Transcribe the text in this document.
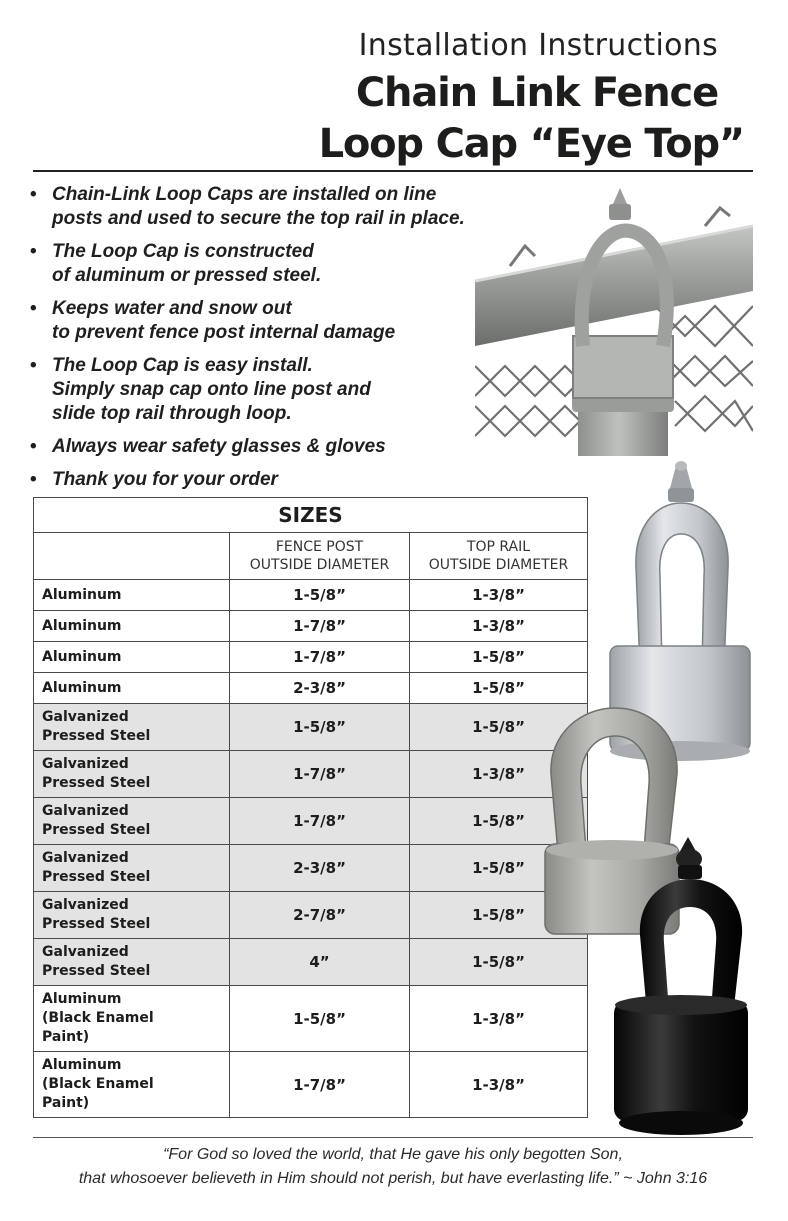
Installation Instructions
Chain Link Fence
Loop Cap “Eye Top”
• Chain-Link Loop Caps are installed on line
posts and used to secure the top rail in place.
• The Loop Cap is constructed
of aluminum or pressed steel.
• Keeps water and snow out
to prevent fence post internal damage
• The Loop Cap is easy install.
Simply snap cap onto line post and
slide top rail through loop.
• Always wear safety glasses & gloves
• Thank you for your order
SIZES		
	FENCE POST
OUTSIDE DIAMETER	TOP RAIL
OUTSIDE DIAMETER
Aluminum	1-5/8”	1-3/8”
Aluminum	1-7/8”	1-3/8”
Aluminum	1-7/8”	1-5/8”
Aluminum	2-3/8”	1-5/8”
Galvanized
Pressed Steel	1-5/8”	1-5/8”
Galvanized
Pressed Steel	1-7/8”	1-3/8”
Galvanized
Pressed Steel	1-7/8”	1-5/8”
Galvanized
Pressed Steel	2-3/8”	1-5/8”
Galvanized
Pressed Steel	2-7/8”	1-5/8”
Galvanized
Pressed Steel	4”	1-5/8”
Aluminum
(Black Enamel
Paint)	1-5/8”	1-3/8”
Aluminum
(Black Enamel
Paint)	1-7/8”	1-3/8”
“For God so loved the world, that He gave his only begotten Son,
that whosoever believeth in Him should not perish, but have everlasting life.” ~ John 3:16
